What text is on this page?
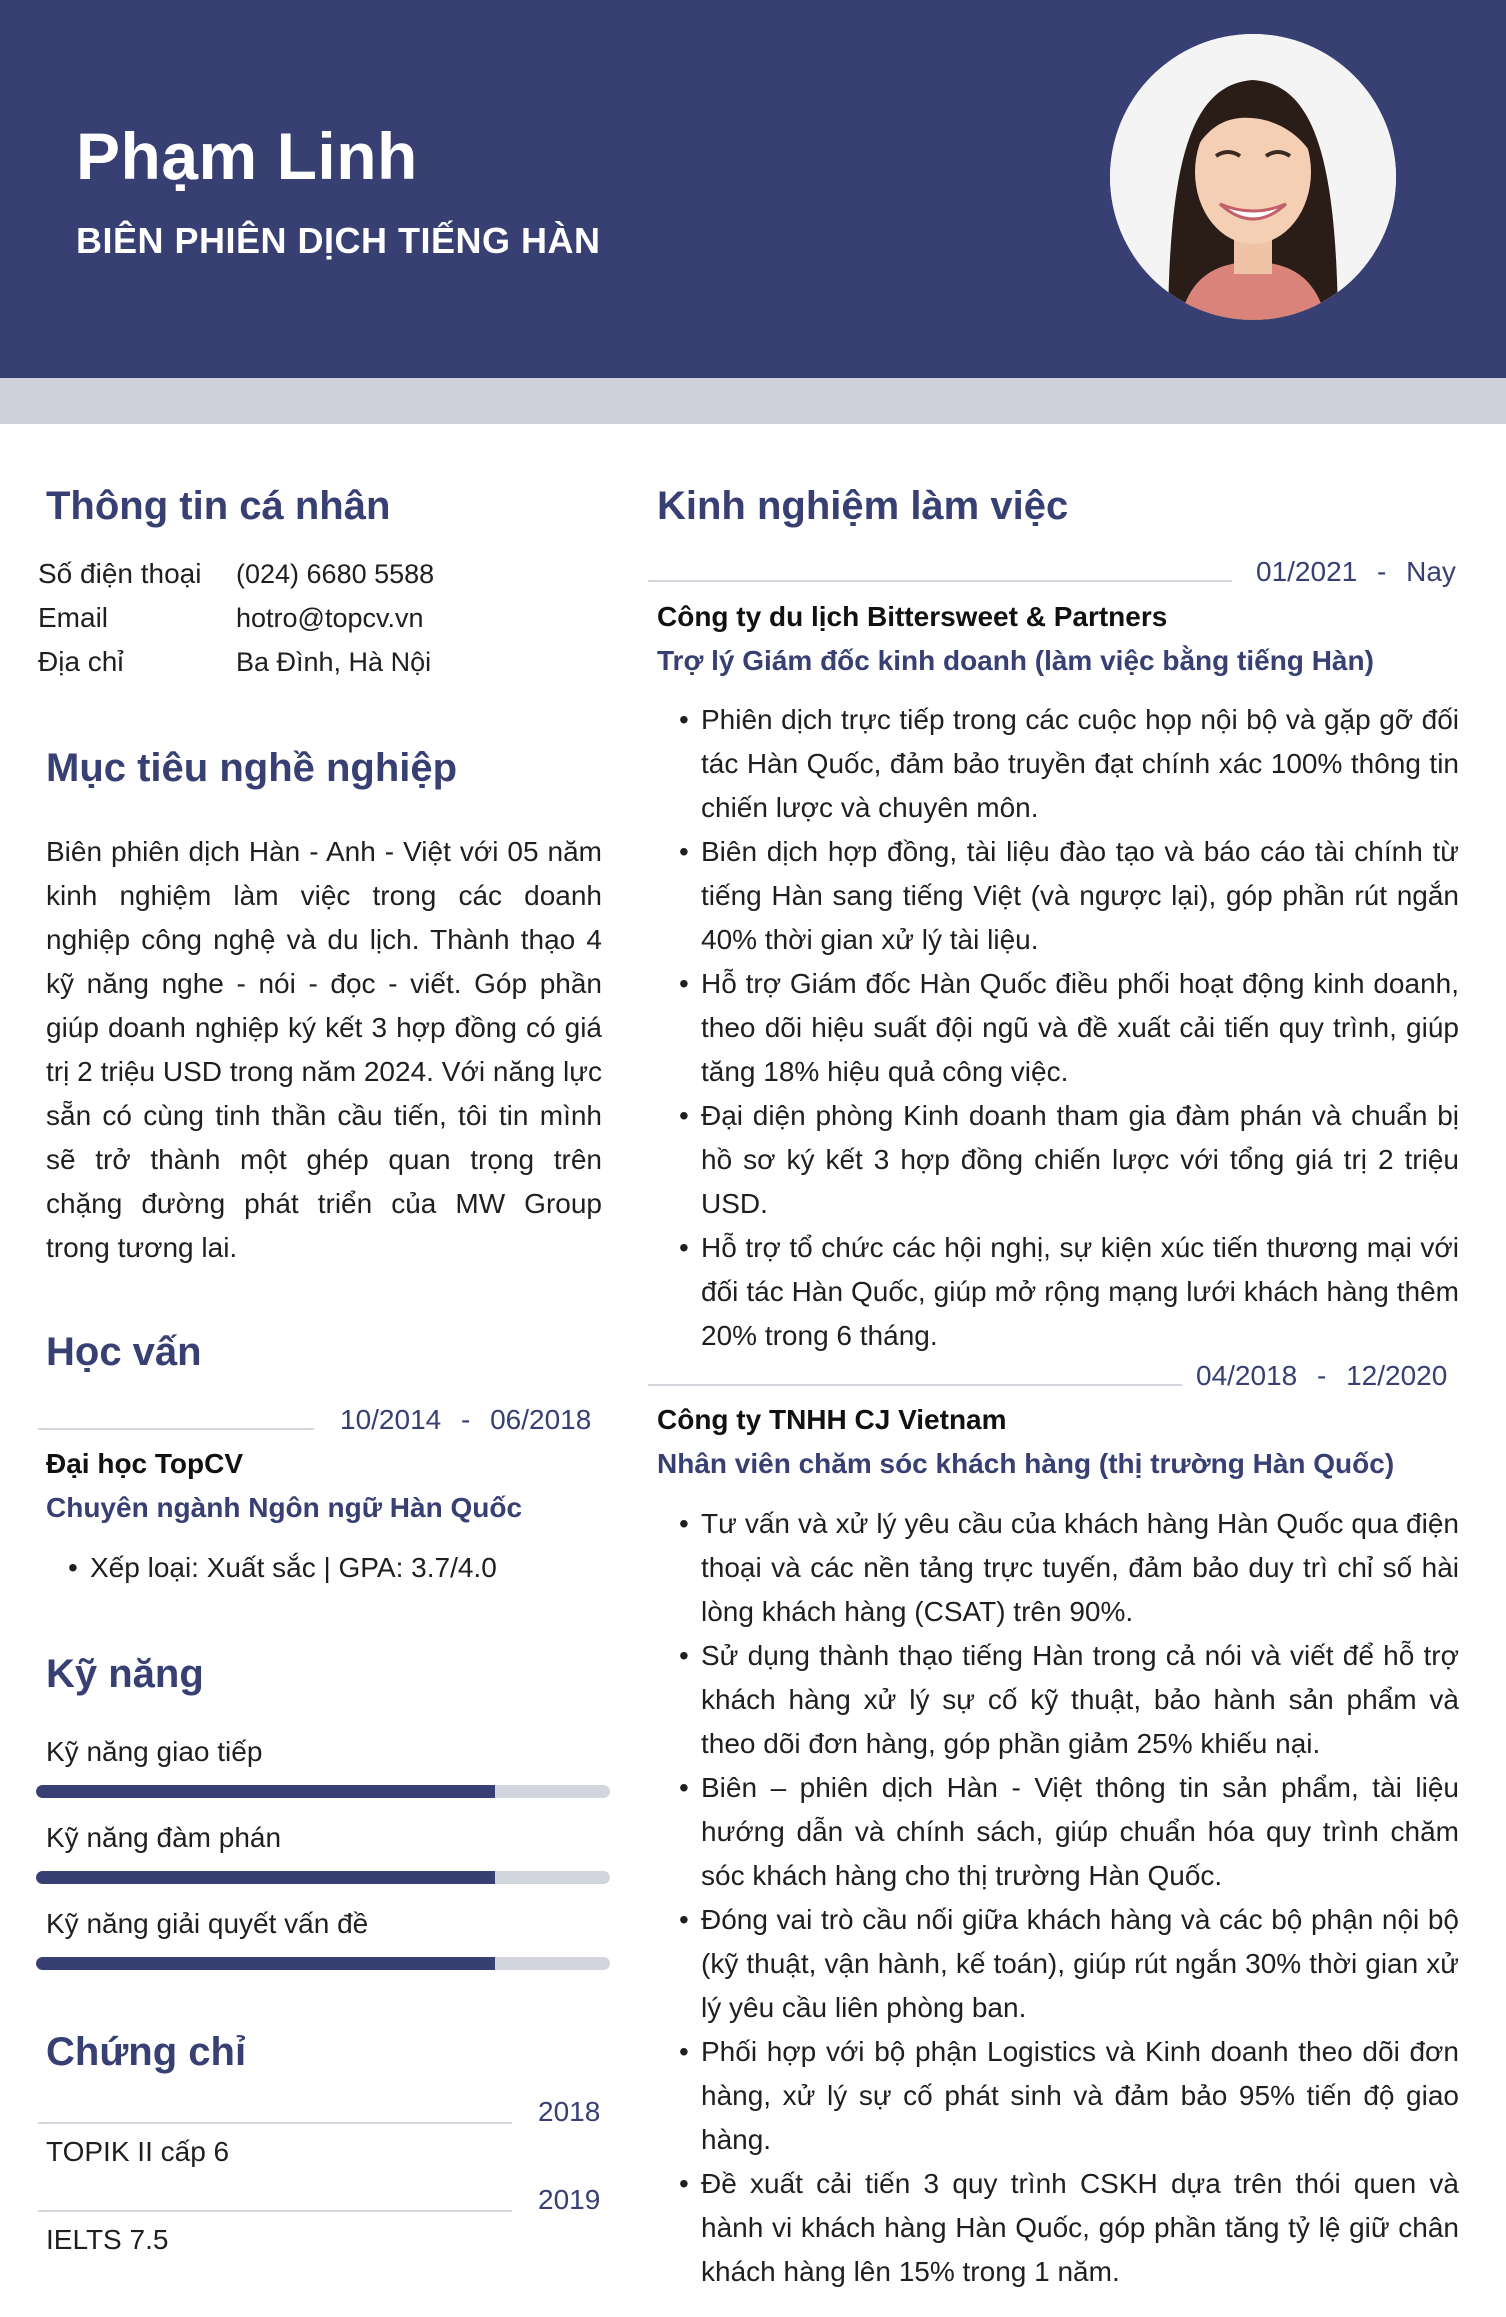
Phạm Linh
BIÊN PHIÊN DỊCH TIẾNG HÀN
Thông tin cá nhân
Số điện thoại (024) 6680 5588
Email	hotro@topcv.vn
Địa chỉ	Ba Đình, Hà Nội
Mục tiêu nghề nghiệp
Biên phiên dịch Hàn - Anh - Việt với 05 năm kinh nghiệm làm việc trong các doanh nghiệp công nghệ và du lịch. Thành thạo 4 kỹ năng nghe - nói - đọc - viết. Góp phần giúp doanh nghiệp ký kết 3 hợp đồng có giá trị 2 triệu USD trong năm 2024. Với năng lực sẵn có cùng tinh thần cầu tiến, tôi tin mình sẽ trở thành một ghép quan trọng trên chặng đường phát triển của MW Group trong tương lai.
Học vấn
10/2014 - 06/2018
Đại học TopCV
Chuyên ngành Ngôn ngữ Hàn Quốc
• Xếp loại: Xuất sắc | GPA: 3.7/4.0
Kỹ năng
Kỹ năng giao tiếp
Kỹ năng đàm phán
Kỹ năng giải quyết vấn đề
Chứng chỉ
2018
TOPIK II cấp 6
2019
IELTS 7.5
Kinh nghiệm làm việc
01/2021 - Nay
Công ty du lịch Bittersweet & Partners
Trợ lý Giám đốc kinh doanh (làm việc bằng tiếng Hàn)
• Phiên dịch trực tiếp trong các cuộc họp nội bộ và gặp gỡ đối tác Hàn Quốc, đảm bảo truyền đạt chính xác 100% thông tin chiến lược và chuyên môn.
• Biên dịch hợp đồng, tài liệu đào tạo và báo cáo tài chính từ tiếng Hàn sang tiếng Việt (và ngược lại), góp phần rút ngắn 40% thời gian xử lý tài liệu.
• Hỗ trợ Giám đốc Hàn Quốc điều phối hoạt động kinh doanh, theo dõi hiệu suất đội ngũ và đề xuất cải tiến quy trình, giúp tăng 18% hiệu quả công việc.
• Đại diện phòng Kinh doanh tham gia đàm phán và chuẩn bị hồ sơ ký kết 3 hợp đồng chiến lược với tổng giá trị 2 triệu USD.
• Hỗ trợ tổ chức các hội nghị, sự kiện xúc tiến thương mại với đối tác Hàn Quốc, giúp mở rộng mạng lưới khách hàng thêm 20% trong 6 tháng.
04/2018 - 12/2020
Công ty TNHH CJ Vietnam
Nhân viên chăm sóc khách hàng (thị trường Hàn Quốc)
• Tư vấn và xử lý yêu cầu của khách hàng Hàn Quốc qua điện thoại và các nền tảng trực tuyến, đảm bảo duy trì chỉ số hài lòng khách hàng (CSAT) trên 90%.
• Sử dụng thành thạo tiếng Hàn trong cả nói và viết để hỗ trợ khách hàng xử lý sự cố kỹ thuật, bảo hành sản phẩm và theo dõi đơn hàng, góp phần giảm 25% khiếu nại.
• Biên – phiên dịch Hàn - Việt thông tin sản phẩm, tài liệu hướng dẫn và chính sách, giúp chuẩn hóa quy trình chăm sóc khách hàng cho thị trường Hàn Quốc.
• Đóng vai trò cầu nối giữa khách hàng và các bộ phận nội bộ (kỹ thuật, vận hành, kế toán), giúp rút ngắn 30% thời gian xử lý yêu cầu liên phòng ban.
• Phối hợp với bộ phận Logistics và Kinh doanh theo dõi đơn hàng, xử lý sự cố phát sinh và đảm bảo 95% tiến độ giao hàng.
• Đề xuất cải tiến 3 quy trình CSKH dựa trên thói quen và hành vi khách hàng Hàn Quốc, góp phần tăng tỷ lệ giữ chân khách hàng lên 15% trong 1 năm.
